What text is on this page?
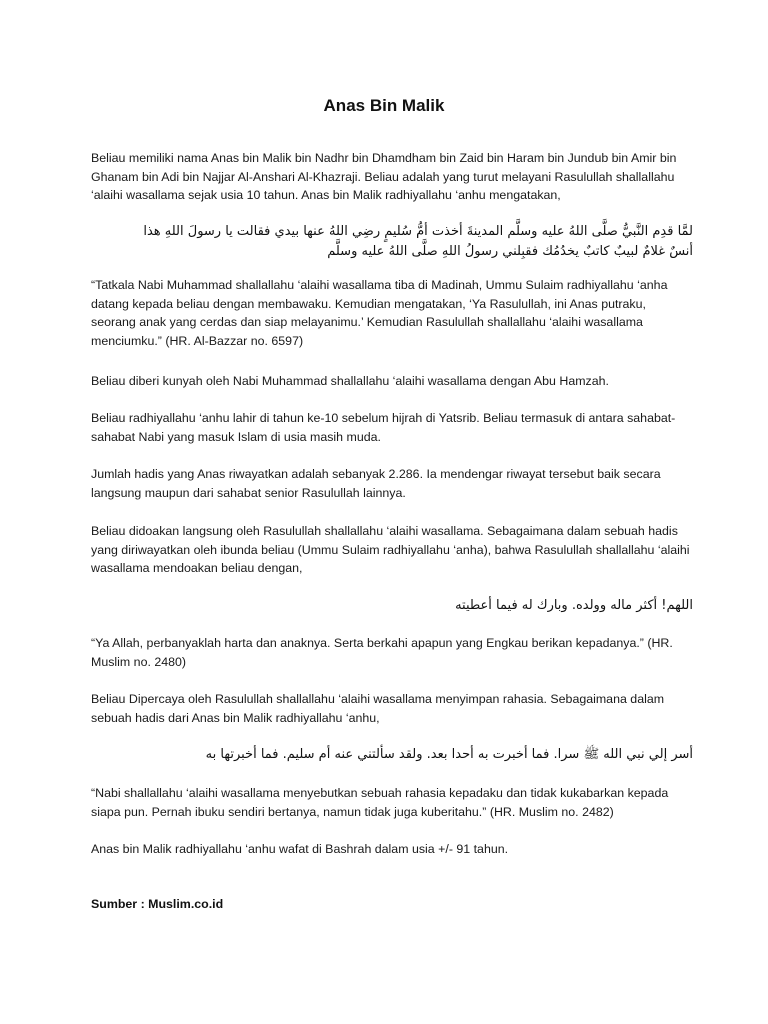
Anas Bin Malik

Beliau memiliki nama Anas bin Malik bin Nadhr bin Dhamdham bin Zaid bin Haram bin Jundub bin Amir bin Ghanam bin Adi bin Najjar Al-Anshari Al-Khazraji. Beliau adalah yang turut melayani Rasulullah shallallahu ‘alaihi wasallama sejak usia 10 tahun. Anas bin Malik radhiyallahu ‘anhu mengatakan,

لمَّا قدِم النَّبيُّ صلَّى اللهُ عليه وسلَّم المدينةَ أخذت أمُّ سُليمٍ رضِي اللهُ عنها بيدي فقالت يا رسولَ اللهِ هذا

أنسٌ غلامٌ لبيبٌ كاتبٌ يخدُمُك فقبِلني رسولُ اللهِ صلَّى اللهُ عليه وسلَّم

“Tatkala Nabi Muhammad shallallahu ‘alaihi wasallama tiba di Madinah, Ummu Sulaim radhiyallahu ‘anha datang kepada beliau dengan membawaku. Kemudian mengatakan, ‘Ya Rasulullah, ini Anas putraku, seorang anak yang cerdas dan siap melayanimu.’ Kemudian Rasulullah shallallahu ‘alaihi wasallama menciumku.” (HR. Al-Bazzar no. 6597)

Beliau diberi kunyah oleh Nabi Muhammad shallallahu ‘alaihi wasallama dengan Abu Hamzah.

Beliau radhiyallahu ‘anhu lahir di tahun ke-10 sebelum hijrah di Yatsrib. Beliau termasuk di antara sahabat-sahabat Nabi yang masuk Islam di usia masih muda.

Jumlah hadis yang Anas riwayatkan adalah sebanyak 2.286. Ia mendengar riwayat tersebut baik secara langsung maupun dari sahabat senior Rasulullah lainnya.

Beliau didoakan langsung oleh Rasulullah shallallahu ‘alaihi wasallama. Sebagaimana dalam sebuah hadis yang diriwayatkan oleh ibunda beliau (Ummu Sulaim radhiyallahu ‘anha), bahwa Rasulullah shallallahu ‘alaihi wasallama mendoakan beliau dengan,

اللهم! أكثر ماله وولده. وبارك له فيما أعطيته

“Ya Allah, perbanyaklah harta dan anaknya. Serta berkahi apapun yang Engkau berikan kepadanya.” (HR. Muslim no. 2480)

Beliau Dipercaya oleh Rasulullah shallallahu ‘alaihi wasallama menyimpan rahasia. Sebagaimana dalam sebuah hadis dari Anas bin Malik radhiyallahu ‘anhu,

أسر إلي نبي الله ﷺ سرا. فما أخبرت به أحدا بعد. ولقد سألتني عنه أم سليم. فما أخبرتها به

“Nabi shallallahu ‘alaihi wasallama menyebutkan sebuah rahasia kepadaku dan tidak kukabarkan kepada siapa pun. Pernah ibuku sendiri bertanya, namun tidak juga kuberitahu.” (HR. Muslim no. 2482)

Anas bin Malik radhiyallahu ‘anhu wafat di Bashrah dalam usia +/- 91 tahun.

Sumber : Muslim.co.id
